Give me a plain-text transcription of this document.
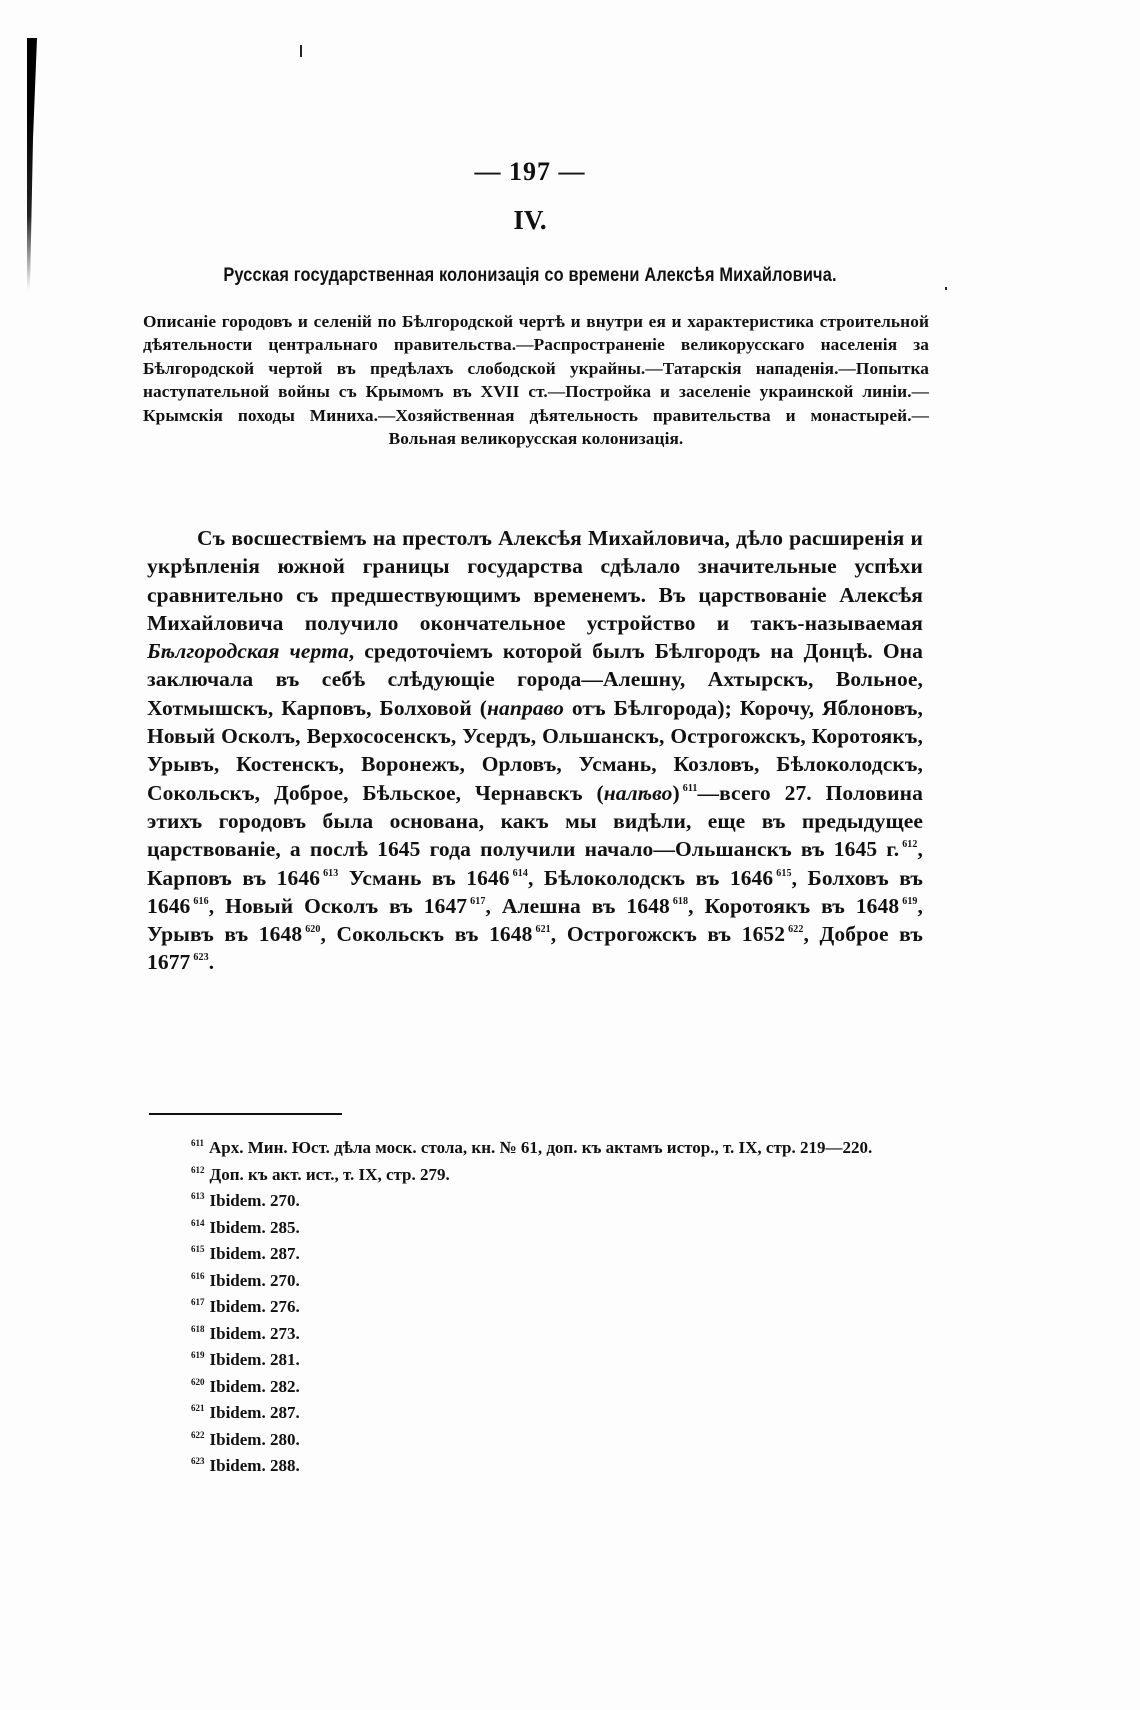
— 197 —
IV.
Русская государственная колонизація со времени Алексѣя Михайловича.
Описаніе городовъ и селеній по Бѣлгородской чертѣ и внутри ея и характеристика строительной дѣятельности центральнаго правительства.—Распространеніе великорусскаго населенія за Бѣлгородской чертой въ предѣлахъ слободской украйны.—Татарскія нападенія.—Попытка наступательной войны съ Крымомъ въ XVII ст.—Постройка и заселеніе украинской линіи.—Крымскія походы Миниха.—Хозяйственная дѣятельность правительства и монастырей.—Вольная великорусская колонизація.
Съ восшествіемъ на престолъ Алексѣя Михайловича, дѣло расширенія и укрѣпленія южной границы государства сдѣлало значительные успѣхи сравнительно съ предшествующимъ временемъ. Въ царствованіе Алексѣя Михайловича получило окончательное устройство и такъ-называемая Бѣлгородская черта, средоточіемъ которой былъ Бѣлгородъ на Донцѣ. Она заключала въ себѣ слѣдующіе города—Алешну, Ахтырскъ, Вольное, Хотмышскъ, Карповъ, Болховой (направо отъ Бѣлгорода); Корочу, Яблоновъ, Новый Осколъ, Верхососенскъ, Усердъ, Ольшанскъ, Острогожскъ, Коротоякъ, Урывъ, Костенскъ, Воронежъ, Орловъ, Усмань, Козловъ, Бѣлоколодскъ, Сокольскъ, Доброе, Бѣльское, Чернавскъ (налѣво) $^{611}$—всего 27. Половина этихъ городовъ была основана, какъ мы видѣли, еще въ предыдущее царствованіе, а послѣ 1645 года получили начало—Ольшанскъ въ 1645 г. $^{612}$, Карповъ въ 1646 $^{613}$ Усмань въ 1646 $^{614}$, Бѣлоколодскъ въ 1646 $^{615}$, Болховъ въ 1646 $^{616}$, Новый Осколъ въ 1647 $^{617}$, Алешна въ 1648 $^{618}$, Коротоякъ въ 1648 $^{619}$, Урывъ въ 1648 $^{620}$, Сокольскъ въ 1648 $^{621}$, Острогожскъ въ 1652 $^{622}$, Доброе въ 1677 $^{623}$.
$^{611}$ Арх. Мин. Юст. дѣла моск. стола, кн. № 61, доп. къ актамъ истор., т. IX, стр. 219—220.
$^{612}$ Доп. къ акт. ист., т. IX, стр. 279.
$^{613}$ Ibidem. 270.
$^{614}$ Ibidem. 285.
$^{615}$ Ibidem. 287.
$^{616}$ Ibidem. 270.
$^{617}$ Ibidem. 276.
$^{618}$ Ibidem. 273.
$^{619}$ Ibidem. 281.
$^{620}$ Ibidem. 282.
$^{621}$ Ibidem. 287.
$^{622}$ Ibidem. 280.
$^{623}$ Ibidem. 288.
